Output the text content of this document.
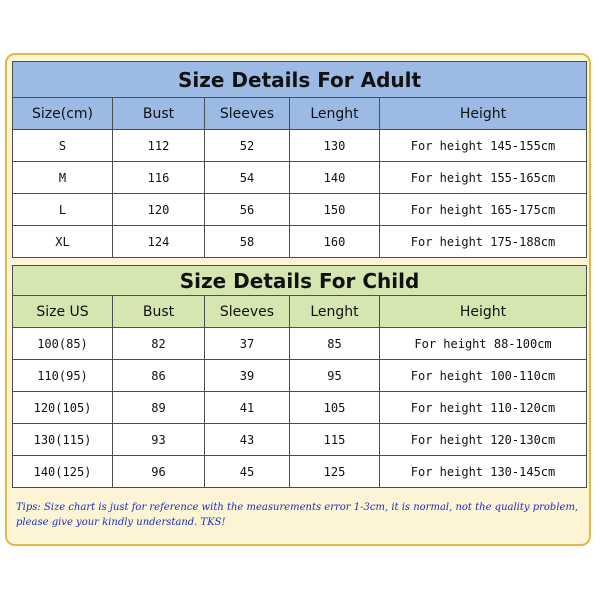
Size Details For Adult				
Size(cm)	Bust	Sleeves	Lenght	Height
S	112	52	130	For height 145-155cm
M	116	54	140	For height 155-165cm
L	120	56	150	For height 165-175cm
XL	124	58	160	For height 175-188cm
Size Details For Child				
Size US	Bust	Sleeves	Lenght	Height
100(85)	82	37	85	For height 88-100cm
110(95)	86	39	95	For height 100-110cm
120(105)	89	41	105	For height 110-120cm
130(115)	93	43	115	For height 120-130cm
140(125)	96	45	125	For height 130-145cm
Tips: Size chart is just for reference with the measurements error 1-3cm, it is normal, not the quality problem, please give your kindly understand. TKS!
